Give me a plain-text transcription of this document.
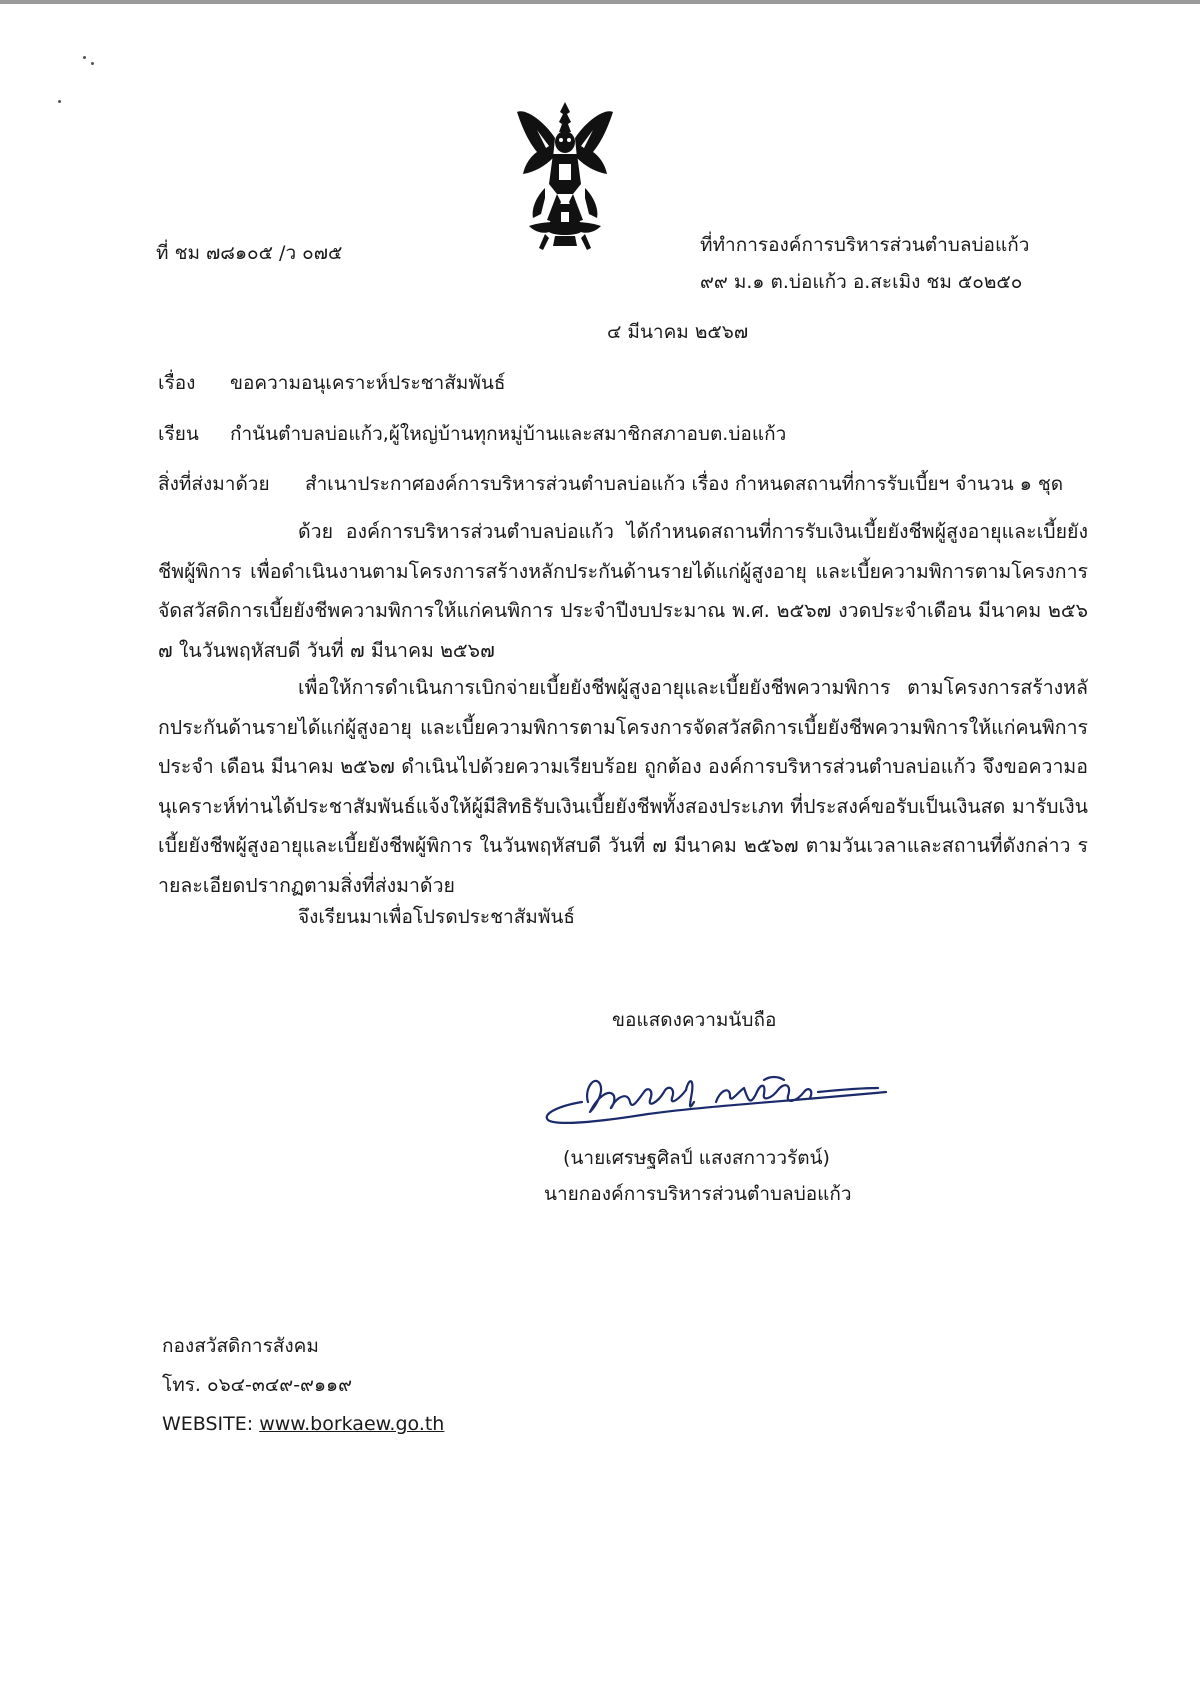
ที่ ชม ๗๘๑๐๕ /ว ๐๗๕	ที่ทำการองค์การบริหารส่วนตำบลบ่อแก้ว
๙๙ ม.๑ ต.บ่อแก้ว อ.สะเมิง ชม ๕๐๒๕๐
๔ มีนาคม ๒๕๖๗
เรื่อง ขอความอนุเคราะห์ประชาสัมพันธ์
เรียน กำนันตำบลบ่อแก้ว,ผู้ใหญ่บ้านทุกหมู่บ้านและสมาชิกสภาอบต.บ่อแก้ว
สิ่งที่ส่งมาด้วย สำเนาประกาศองค์การบริหารส่วนตำบลบ่อแก้ว เรื่อง กำหนดสถานที่การรับเบี้ยฯ จำนวน ๑ ชุด
ด้วย องค์การบริหารส่วนตำบลบ่อแก้ว ได้กำหนดสถานที่การรับเงินเบี้ยยังชีพผู้สูงอายุและเบี้ยยังชีพผู้พิการ เพื่อดำเนินงานตามโครงการสร้างหลักประกันด้านรายได้แก่ผู้สูงอายุ และเบี้ยความพิการตามโครงการจัดสวัสดิการเบี้ยยังชีพความพิการให้แก่คนพิการ ประจำปีงบประมาณ พ.ศ. ๒๕๖๗ งวดประจำเดือน มีนาคม ๒๕๖๗ ในวันพฤหัสบดี วันที่ ๗ มีนาคม ๒๕๖๗
เพื่อให้การดำเนินการเบิกจ่ายเบี้ยยังชีพผู้สูงอายุและเบี้ยยังชีพความพิการ ตามโครงการสร้างหลักประกันด้านรายได้แก่ผู้สูงอายุ และเบี้ยความพิการตามโครงการจัดสวัสดิการเบี้ยยังชีพความพิการให้แก่คนพิการ ประจำ เดือน มีนาคม ๒๕๖๗ ดำเนินไปด้วยความเรียบร้อย ถูกต้อง องค์การบริหารส่วนตำบลบ่อแก้ว จึงขอความอนุเคราะห์ท่านได้ประชาสัมพันธ์แจ้งให้ผู้มีสิทธิรับเงินเบี้ยยังชีพทั้งสองประเภท ที่ประสงค์ขอรับเป็นเงินสด มารับเงินเบี้ยยังชีพผู้สูงอายุและเบี้ยยังชีพผู้พิการ ในวันพฤหัสบดี วันที่ ๗ มีนาคม ๒๕๖๗ ตามวันเวลาและสถานที่ดังกล่าว รายละเอียดปรากฏตามสิ่งที่ส่งมาด้วย
จึงเรียนมาเพื่อโปรดประชาสัมพันธ์
ขอแสดงความนับถือ
(นายเศรษฐศิลป์ แสงสกาววรัตน์)
นายกองค์การบริหารส่วนตำบลบ่อแก้ว
กองสวัสดิการสังคม
โทร. ๐๖๔-๓๔๙-๙๑๑๙
WEBSITE: www.borkaew.go.th
